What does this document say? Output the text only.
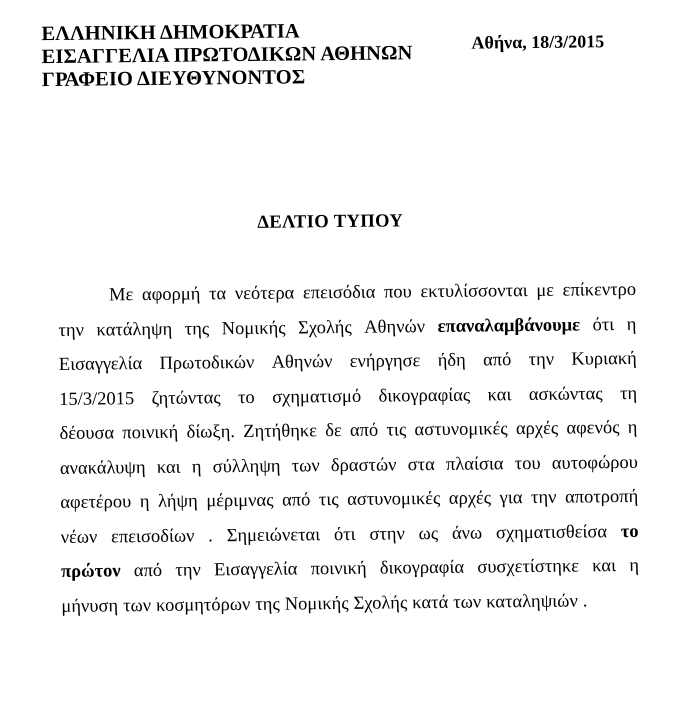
ΕΛΛΗΝΙΚΗ ΔΗΜΟΚΡΑΤΙΑ
ΕΙΣΑΓΓΕΛΙΑ ΠΡΩΤΟΔΙΚΩΝ ΑΘΗΝΩΝ
ΓΡΑΦΕΙΟ ΔΙΕΥΘΥΝΟΝΤΟΣ
Αθήνα, 18/3/2015
ΔΕΛΤΙΟ ΤΥΠΟΥ
Με αφορμή τα νεότερα επεισόδια που εκτυλίσσονται με επίκεντρο
την κατάληψη της Νομικής Σχολής Αθηνών επαναλαμβάνουμε ότι η
Εισαγγελία Πρωτοδικών Αθηνών ενήργησε ήδη από την Κυριακή
15/3/2015 ζητώντας το σχηματισμό δικογραφίας και ασκώντας τη
δέουσα ποινική δίωξη. Ζητήθηκε δε από τις αστυνομικές αρχές αφενός η
ανακάλυψη και η σύλληψη των δραστών στα πλαίσια του αυτοφώρου
αφετέρου η λήψη μέριμνας από τις αστυνομικές αρχές για την αποτροπή
νέων επεισοδίων . Σημειώνεται ότι στην ως άνω σχηματισθείσα το
πρώτον από την Εισαγγελία ποινική δικογραφία συσχετίστηκε και η
μήνυση των κοσμητόρων της Νομικής Σχολής κατά των καταληψιών .
